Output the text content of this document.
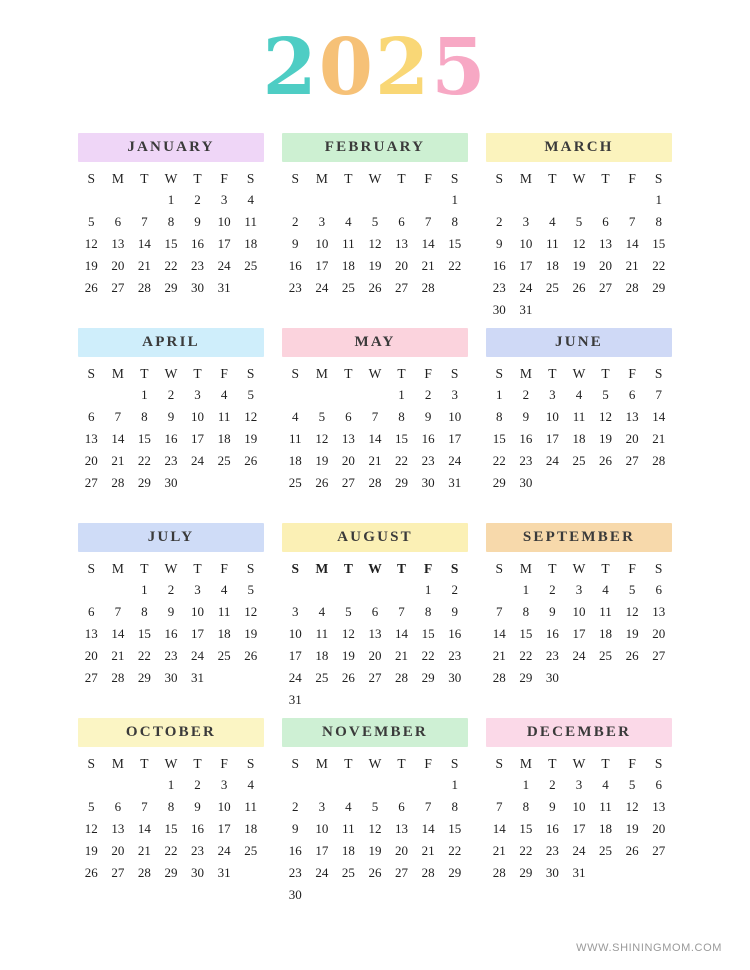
2025
JANUARY
S	M	T	W	T	F	S
			1	2	3	4
5	6	7	8	9	10	11
12	13	14	15	16	17	18
19	20	21	22	23	24	25
26	27	28	29	30	31	

FEBRUARY
S	M	T	W	T	F	S
						1
2	3	4	5	6	7	8
9	10	11	12	13	14	15
16	17	18	19	20	21	22
23	24	25	26	27	28	

MARCH
S	M	T	W	T	F	S
						1
2	3	4	5	6	7	8
9	10	11	12	13	14	15
16	17	18	19	20	21	22
23	24	25	26	27	28	29
30	31					
APRIL
S	M	T	W	T	F	S
		1	2	3	4	5
6	7	8	9	10	11	12
13	14	15	16	17	18	19
20	21	22	23	24	25	26
27	28	29	30			

MAY
S	M	T	W	T	F	S
				1	2	3
4	5	6	7	8	9	10
11	12	13	14	15	16	17
18	19	20	21	22	23	24
25	26	27	28	29	30	31

JUNE
S	M	T	W	T	F	S
1	2	3	4	5	6	7
8	9	10	11	12	13	14
15	16	17	18	19	20	21
22	23	24	25	26	27	28
29	30					

JULY
S	M	T	W	T	F	S
		1	2	3	4	5
6	7	8	9	10	11	12
13	14	15	16	17	18	19
20	21	22	23	24	25	26
27	28	29	30	31		

AUGUST
S	M	T	W	T	F	S
					1	2
3	4	5	6	7	8	9
10	11	12	13	14	15	16
17	18	19	20	21	22	23
24	25	26	27	28	29	30
31						
SEPTEMBER
S	M	T	W	T	F	S
	1	2	3	4	5	6
7	8	9	10	11	12	13
14	15	16	17	18	19	20
21	22	23	24	25	26	27
28	29	30				

OCTOBER
S	M	T	W	T	F	S
			1	2	3	4
5	6	7	8	9	10	11
12	13	14	15	16	17	18
19	20	21	22	23	24	25
26	27	28	29	30	31	

NOVEMBER
S	M	T	W	T	F	S
						1
2	3	4	5	6	7	8
9	10	11	12	13	14	15
16	17	18	19	20	21	22
23	24	25	26	27	28	29
30						
DECEMBER
S	M	T	W	T	F	S
	1	2	3	4	5	6
7	8	9	10	11	12	13
14	15	16	17	18	19	20
21	22	23	24	25	26	27
28	29	30	31			

WWW.SHININGMOM.COM
